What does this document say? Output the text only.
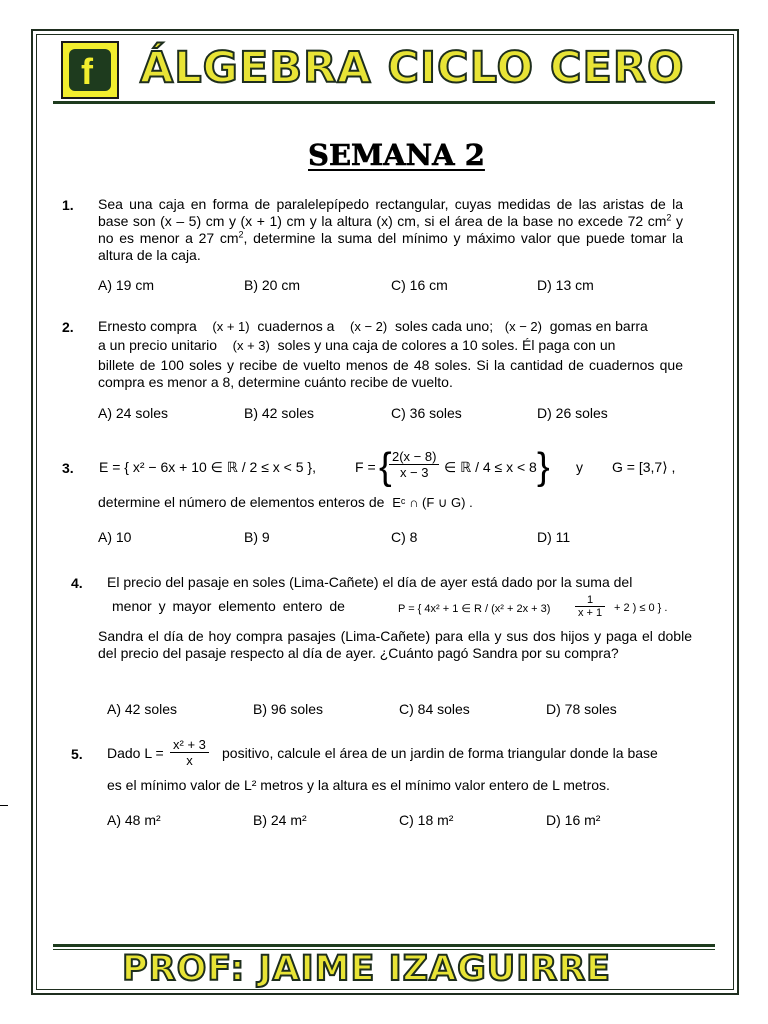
f ÁLGEBRA CICLO CERO
SEMANA 2
1. Sea una caja en forma de paralelepípedo rectangular, cuyas medidas de las aristas de la base son (x – 5) cm y (x + 1) cm y la altura (x) cm, si el área de la base no excede 72 $cm^2$ y no es menor a 27 $cm^2$, determine la suma del mínimo y máximo valor que puede tomar la altura de la caja.
A) 19 cm	B) 20 cm	C) 16 cm	D) 13 cm
2. Ernesto compra (x + 1) cuadernos a (x − 2) soles cada uno; (x − 2) gomas en barra
a un precio unitario (x + 3) soles y una caja de colores a 10 soles. Él paga con un
billete de 100 soles y recibe de vuelto menos de 48 soles. Si la cantidad de cuadernos que compra es menor a 8, determine cuánto recibe de vuelto.
A) 24 soles	B) 42 soles	C) 36 soles	D) 26 soles
3. E = { x² − 6x + 10 ∈ ℝ / 2 ≤ x < 5 },	F = {
$\frac{2(x - 8)}{x - 3}$ ∈ ℝ / 4 ≤ x < 8 } y G = [3,7⟩ ,
determine el número de elementos enteros de Eᶜ ∩ (F ∪ G) .
A) 10	B) 9	C) 8	D) 11
4. El precio del pasaje en soles (Lima-Cañete) el día de ayer está dado por la suma del
menor y mayor elemento entero de	P = { 4x² + 1 ∈ $R / (x^2 + 2x + 3) \frac{1}{x + 1} + 2$ ) ≤ 0 } .
Sandra el día de hoy compra pasajes (Lima-Cañete) para ella y sus dos hijos y paga el doble del precio del pasaje respecto al día de ayer. ¿Cuánto pagó Sandra por su compra?
A) 42 soles	B) 96 soles	C) 84 soles	D) 78 soles
5. Dado $L = \frac{\text{x² + 3}}{x}$ positivo, calcule el área de un jardin de forma triangular donde la base
es el mínimo valor de L² metros y la altura es el mínimo valor entero de L metros.
A) 48 m²	B) 24 m²	C) 18 m²	D) 16 m²
PROF: JAIME IZAGUIRRE
